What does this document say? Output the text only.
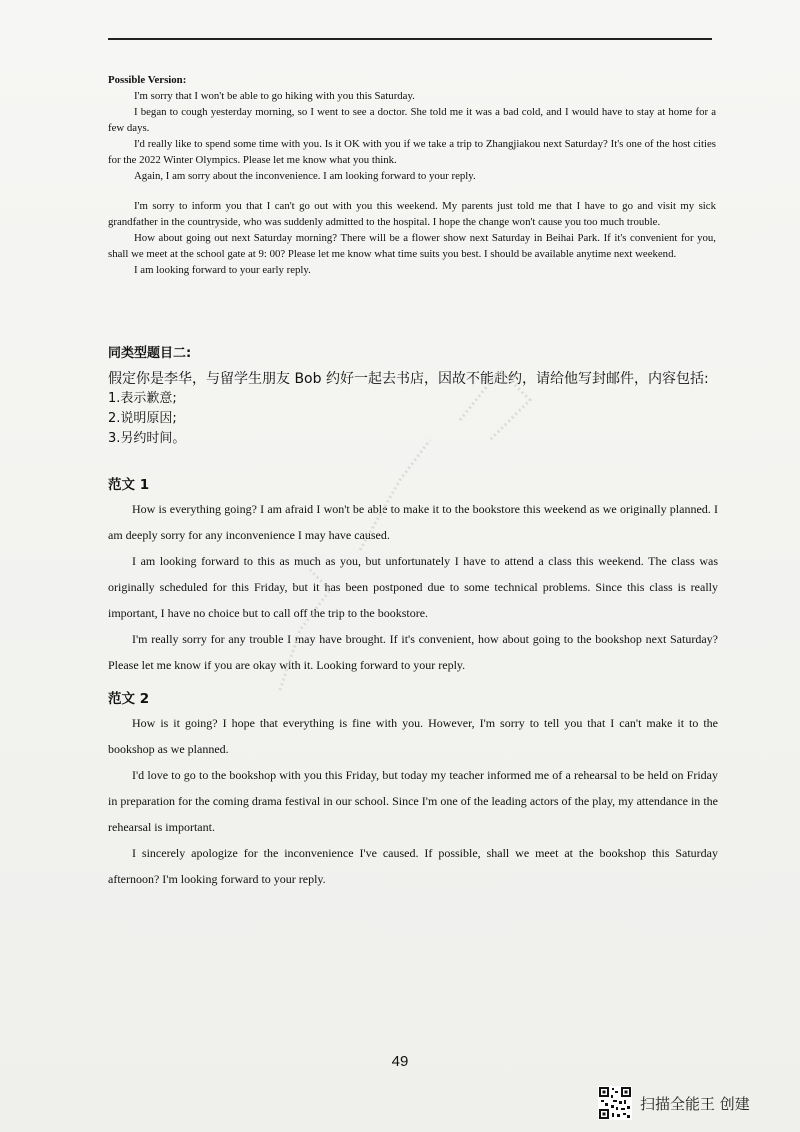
Possible Version:

I'm sorry that I won't be able to go hiking with you this Saturday.

I began to cough yesterday morning, so I went to see a doctor. She told me it was a bad cold, and I would have to stay at home for a few days.

I'd really like to spend some time with you. Is it OK with you if we take a trip to Zhangjiakou next Saturday? It's one of the host cities for the 2022 Winter Olympics. Please let me know what you think.

Again, I am sorry about the inconvenience. I am looking forward to your reply.

I'm sorry to inform you that I can't go out with you this weekend. My parents just told me that I have to go and visit my sick grandfather in the countryside, who was suddenly admitted to the hospital. I hope the change won't cause you too much trouble.

How about going out next Saturday morning? There will be a flower show next Saturday in Beihai Park. If it's convenient for you, shall we meet at the school gate at 9: 00? Please let me know what time suits you best. I should be available anytime next weekend.

I am looking forward to your early reply.

同类型题目二:

假定你是李华，与留学生朋友 Bob 约好一起去书店，因故不能赴约，请给他写封邮件，内容包括:

1.表示歉意;

2.说明原因;

3.另约时间。

范文 1

How is everything going? I am afraid I won't be able to make it to the bookstore this weekend as we originally planned. I am deeply sorry for any inconvenience I may have caused.

I am looking forward to this as much as you, but unfortunately I have to attend a class this weekend. The class was originally scheduled for this Friday, but it has been postponed due to some technical problems. Since this class is really important, I have no choice but to call off the trip to the bookstore.

I'm really sorry for any trouble I may have brought. If it's convenient, how about going to the bookshop next Saturday? Please let me know if you are okay with it. Looking forward to your reply.

范文 2

How is it going? I hope that everything is fine with you. However, I'm sorry to tell you that I can't make it to the bookshop as we planned.

I'd love to go to the bookshop with you this Friday, but today my teacher informed me of a rehearsal to be held on Friday in preparation for the coming drama festival in our school. Since I'm one of the leading actors of the play, my attendance in the rehearsal is important.

I sincerely apologize for the inconvenience I've caused. If possible, shall we meet at the bookshop this Saturday afternoon? I'm looking forward to your reply.

49
扫描全能王 创建
